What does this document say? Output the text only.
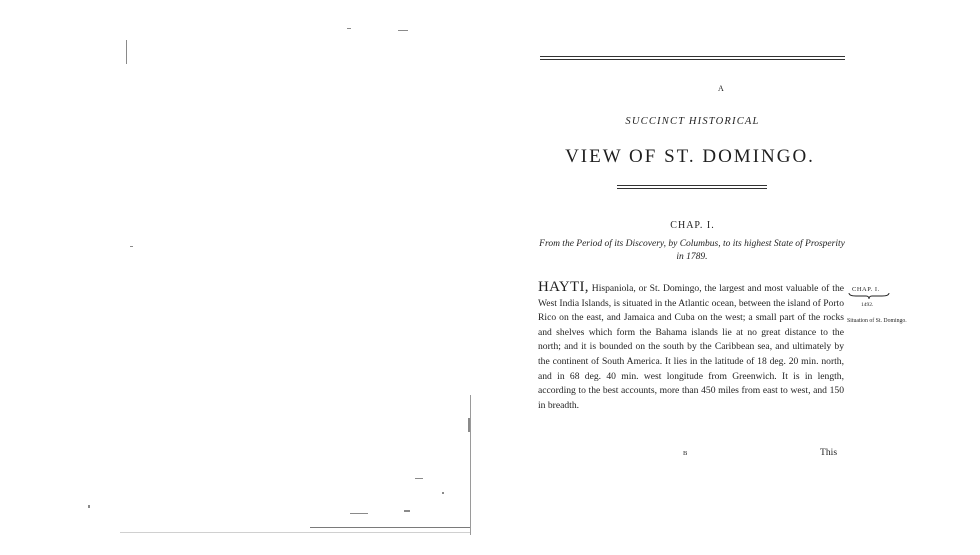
A
SUCCINCT HISTORICAL
VIEW OF ST. DOMINGO.
CHAP. I.
From the Period of its Discovery, by Columbus, to its highest State of Prosperity in 1789.
HAYTI, Hispaniola, or St. Domingo, the largest and most valuable of the West India Islands, is situated in the Atlantic ocean, between the island of Porto Rico on the east, and Jamaica and Cuba on the west; a small part of the rocks and shelves which form the Bahama islands lie at no great distance to the north; and it is bounded on the south by the Caribbean sea, and ultimately by the continent of South America. It lies in the latitude of 18 deg. 20 min. north, and in 68 deg. 40 min. west longitude from Greenwich. It is in length, according to the best accounts, more than 450 miles from east to west, and 150 in breadth.
CHAP. I.
1492.
Situation of St. Domingo.
B	This
